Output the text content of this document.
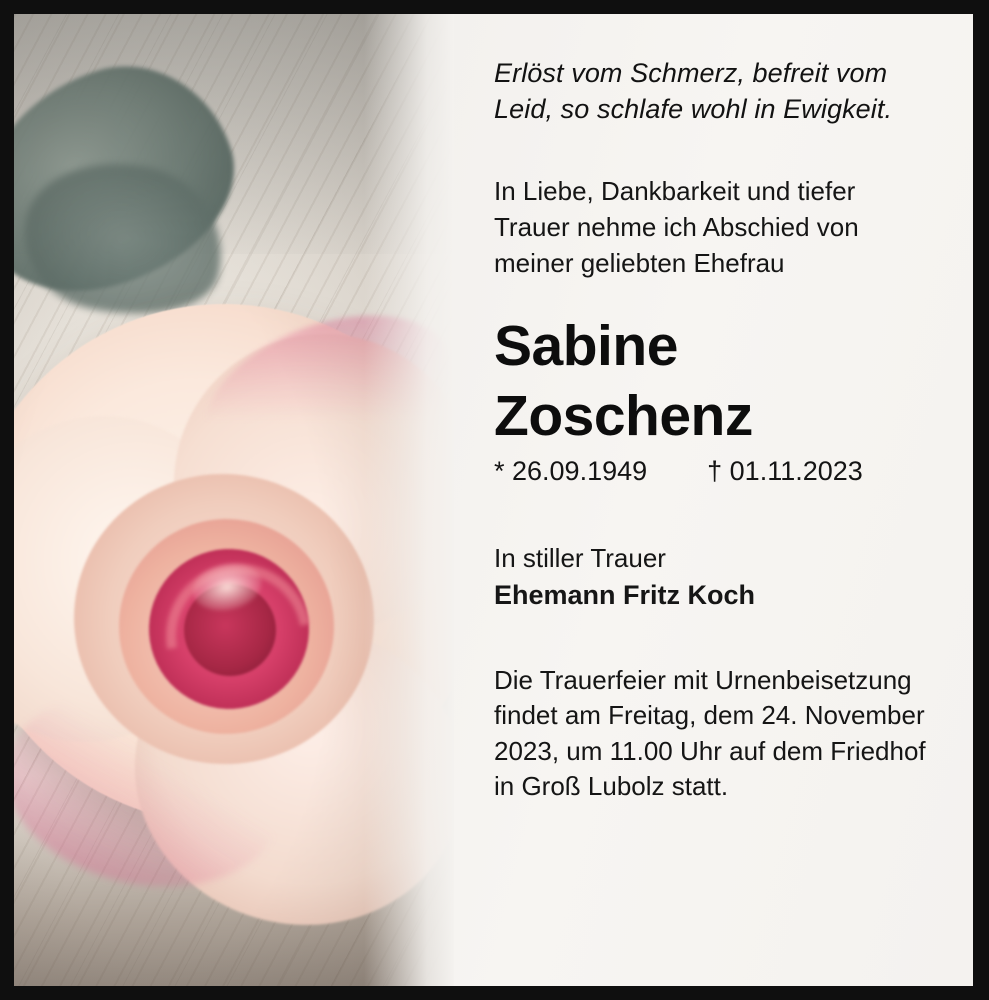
Erlöst vom Schmerz, befreit vom Leid, so schlafe wohl in Ewigkeit.

In Liebe, Dankbarkeit und tiefer Trauer nehme ich Abschied von meiner geliebten Ehefrau

Sabine
Zoschenz
* 26.09.1949 † 01.11.2023

In stiller Trauer

Ehemann Fritz Koch

Die Trauerfeier mit Urnenbeisetzung findet am Freitag, dem 24. November 2023, um 11.00 Uhr auf dem Friedhof in Groß Lubolz statt.
